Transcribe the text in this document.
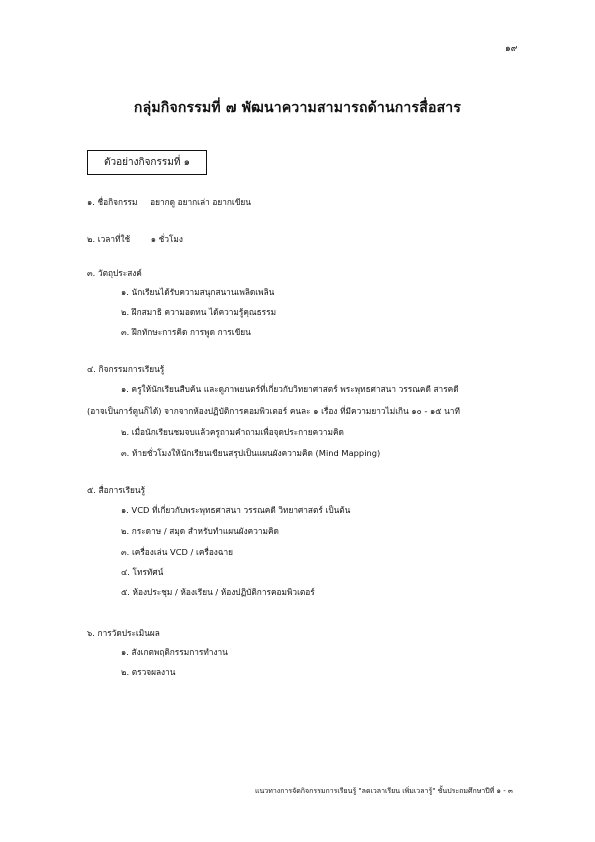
๑๙
กลุ่มกิจกรรมที่ ๗ พัฒนาความสามารถด้านการสื่อสาร
ตัวอย่างกิจกรรมที่ ๑
๑. ชื่อกิจกรรม อยากดู อยากเล่า อยากเขียน
๒. เวลาที่ใช้ ๑ ชั่วโมง
๓. วัตถุประสงค์
๑. นักเรียนได้รับความสนุกสนานเพลิดเพลิน
๒. ฝึกสมาธิ ความอดทน ได้ความรู้คุณธรรม
๓. ฝึกทักษะการคิด การพูด การเขียน
๔. กิจกรรมการเรียนรู้
๑. ครูให้นักเรียนสืบค้น และดูภาพยนตร์ที่เกี่ยวกับวิทยาศาสตร์ พระพุทธศาสนา วรรณคดี สารคดี
(อาจเป็นการ์ตูนก็ได้) จากจากห้องปฏิบัติการคอมพิวเตอร์ คนละ ๑ เรื่อง ที่มีความยาวไม่เกิน ๑๐ - ๑๕ นาที
๒. เมื่อนักเรียนชมจบแล้วครูถามคำถามเพื่อจุดประกายความคิด
๓. ท้ายชั่วโมงให้นักเรียนเขียนสรุปเป็นแผนผังความคิด (Mind Mapping)
๕. สื่อการเรียนรู้
๑. VCD ที่เกี่ยวกับพระพุทธศาสนา วรรณคดี วิทยาศาสตร์ เป็นต้น
๒. กระดาษ / สมุด สำหรับทำแผนผังความคิด
๓. เครื่องเล่น VCD / เครื่องฉาย
๔. โทรทัศน์
๕. ห้องประชุม / ห้องเรียน / ห้องปฏิบัติการคอมพิวเตอร์
๖. การวัดประเมินผล
๑. สังเกตพฤติกรรมการทำงาน
๒. ตรวจผลงาน
แนวทางการจัดกิจกรรมการเรียนรู้ "ลดเวลาเรียน เพิ่มเวลารู้" ชั้นประถมศึกษาปีที่ ๑ - ๓
